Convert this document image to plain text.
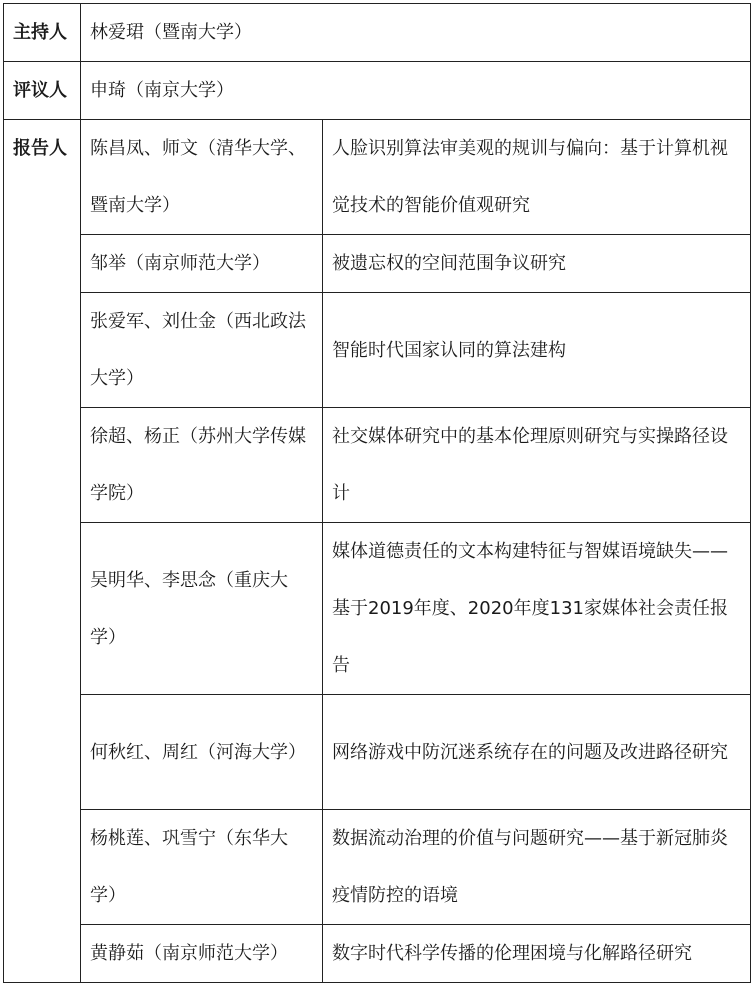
主持人	林爱珺（暨南大学）	
评议人	申琦（南京大学）	
报告人	陈昌凤、师文（清华大学、暨南大学）	人脸识别算法审美观的规训与偏向：基于计算机视觉技术的智能价值观研究
	邹举（南京师范大学）	被遗忘权的空间范围争议研究
	张爱军、刘仕金（西北政法大学）	智能时代国家认同的算法建构
	徐超、杨正（苏州大学传媒学院）	社交媒体研究中的基本伦理原则研究与实操路径设计
	吴明华、李思念（重庆大学）	媒体道德责任的文本构建特征与智媒语境缺失——基于2019年度、2020年度131家媒体社会责任报告
	何秋红、周红（河海大学）	网络游戏中防沉迷系统存在的问题及改进路径研究
	杨桃莲、巩雪宁（东华大学）	数据流动治理的价值与问题研究——基于新冠肺炎疫情防控的语境
	黄静茹（南京师范大学）	数字时代科学传播的伦理困境与化解路径研究
